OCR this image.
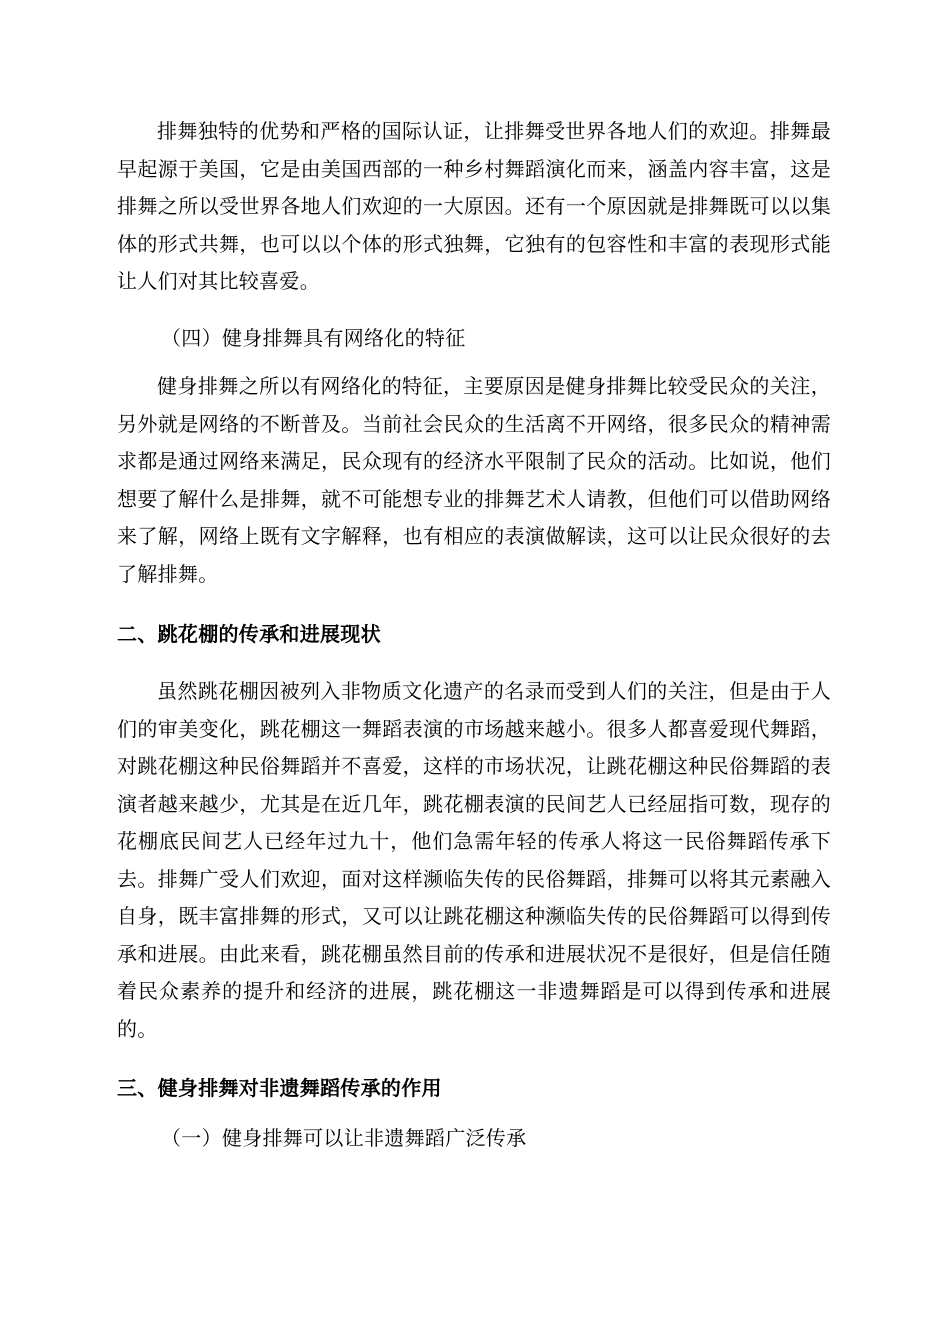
排舞独特的优势和严格的国际认证，让排舞受世界各地人们的欢迎。排舞最早起源于美国，它是由美国西部的一种乡村舞蹈演化而来，涵盖内容丰富，这是排舞之所以受世界各地人们欢迎的一大原因。还有一个原因就是排舞既可以以集体的形式共舞，也可以以个体的形式独舞，它独有的包容性和丰富的表现形式能让人们对其比较喜爱。

（四）健身排舞具有网络化的特征

健身排舞之所以有网络化的特征，主要原因是健身排舞比较受民众的关注，另外就是网络的不断普及。当前社会民众的生活离不开网络，很多民众的精神需求都是通过网络来满足，民众现有的经济水平限制了民众的活动。比如说，他们想要了解什么是排舞，就不可能想专业的排舞艺术人请教，但他们可以借助网络来了解，网络上既有文字解释，也有相应的表演做解读，这可以让民众很好的去了解排舞。

二、跳花棚的传承和进展现状

虽然跳花棚因被列入非物质文化遗产的名录而受到人们的关注，但是由于人们的审美变化，跳花棚这一舞蹈表演的市场越来越小。很多人都喜爱现代舞蹈，对跳花棚这种民俗舞蹈并不喜爱，这样的市场状况，让跳花棚这种民俗舞蹈的表演者越来越少，尤其是在近几年，跳花棚表演的民间艺人已经屈指可数，现存的花棚底民间艺人已经年过九十，他们急需年轻的传承人将这一民俗舞蹈传承下去。排舞广受人们欢迎，面对这样濒临失传的民俗舞蹈，排舞可以将其元素融入自身，既丰富排舞的形式，又可以让跳花棚这种濒临失传的民俗舞蹈可以得到传承和进展。由此来看，跳花棚虽然目前的传承和进展状况不是很好，但是信任随着民众素养的提升和经济的进展，跳花棚这一非遗舞蹈是可以得到传承和进展的。

三、健身排舞对非遗舞蹈传承的作用

（一）健身排舞可以让非遗舞蹈广泛传承
